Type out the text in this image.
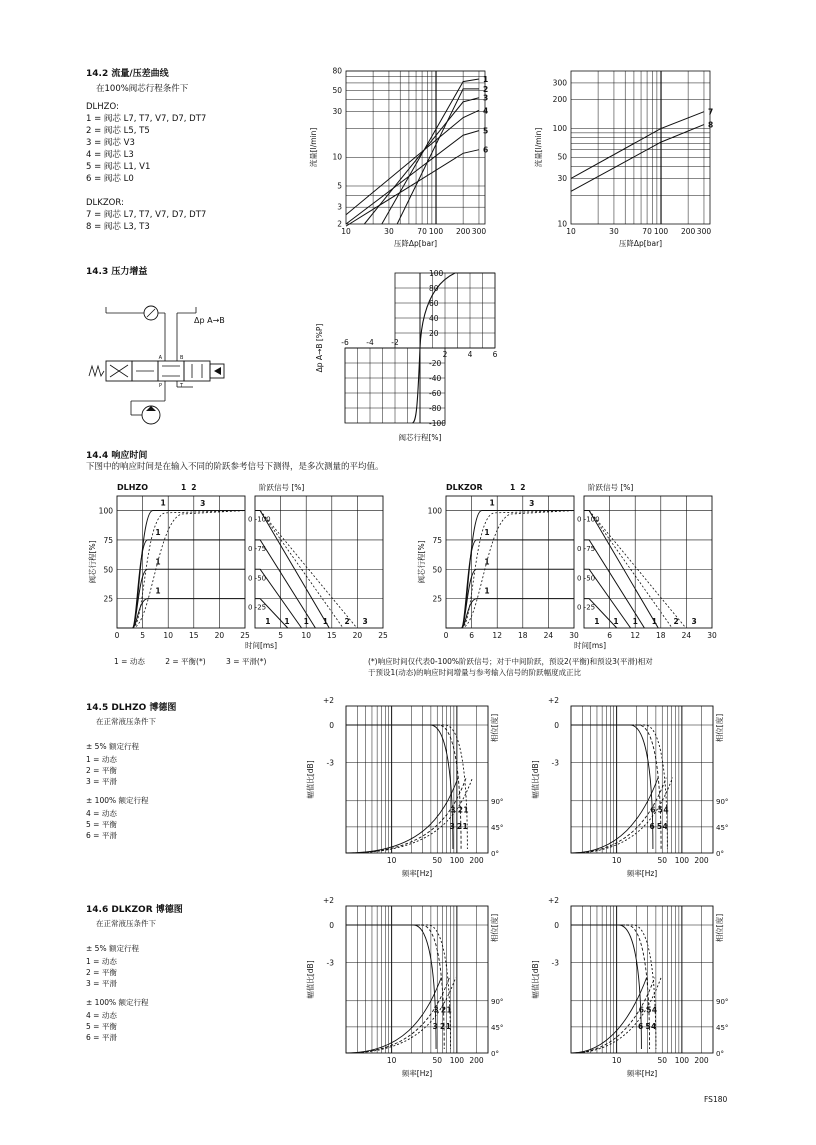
14.2 流量/压差曲线
在100%阀芯行程条件下
DLHZO:
1 = 阀芯 L7, T7, V7, D7, DT7
2 = 阀芯 L5, T5
3 = 阀芯 V3
4 = 阀芯 L3
5 = 阀芯 L1, V1
6 = 阀芯 L0
DLKZOR:
7 = 阀芯 L7, T7, V7, D7, DT7
8 = 阀芯 L3, T3
80
50
30
10
5
3
2
10	30	70 100 200 300
压降Δp[bar]
流量[l/min]
1
2
3
4
5
6
300
200
100
50
30
10
10	30	70 100 200 300
压降Δp[bar]
流量[l/min]
7
8
14.3 压力增益
Δp A→B
A	B
P	T
100
80
60
40
20
-20
-40
-60
-80
-100
-6 -4 -2
2	4	6
阀芯行程[%]
Δp A→B [%P]
14.4 响应时间
下图中的响应时间是在输入不同的阶跃参考信号下测得，是多次测量的平均值。
DLHZO	阶跃信号 [%]
100
75
50
25
0	5 10 15 20 25	5 10 15 20 25
时间[ms]
阀芯行程[%]
0 -100
0 -75
0 -50
0 -25
1
1
1
1
1 2
3
1 1 1 1 2 3
DLKZOR	阶跃信号 [%]
100
75
50
25
0	6 12 18 24 30	6 12 18 24 30
时间[ms]
阀芯行程[%]
0 -100
0 -75
0 -50
0 -25
1
1
1
1
1 2
3
1 1 1 1 2 3
1 = 动态	2 = 平衡(*)	3 = 平滑(*)	(*)响应时间仅代表0-100%阶跃信号；对于中间阶跃，预设2(平衡)和预设3(平滑)相对
于预设1(动态)的响应时间增量与参考输入信号的阶跃幅度成正比
14.5 DLHZO 博德图
在正常液压条件下
± 5% 额定行程
1 = 动态
2 = 平衡
3 = 平滑
± 100% 额定行程
4 = 动态
5 = 平衡
6 = 平滑
+2
0
-3
90°
45°
0°
10	50 100 200
频率[Hz]
幅值比[dB]
相位[度]
1
1
2
2
3
3
+2
0
-3
90°
45°
0°
10	50 100 200
频率[Hz]
幅值比[dB]
相位[度]
4
4
5
5
6
6
14.6 DLKZOR 博德图
在正常液压条件下
± 5% 额定行程
1 = 动态
2 = 平衡
3 = 平滑
± 100% 额定行程
4 = 动态
5 = 平衡
6 = 平滑
+2
0
-3
90°
45°
0°
10	50 100 200
频率[Hz]
幅值比[dB]
相位[度]
1
1
2
2
3
3
+2
0
-3
90°
45°
0°
10	50 100 200
频率[Hz]
幅值比[dB]
相位[度]
4
4
5
5
6
6
FS180
